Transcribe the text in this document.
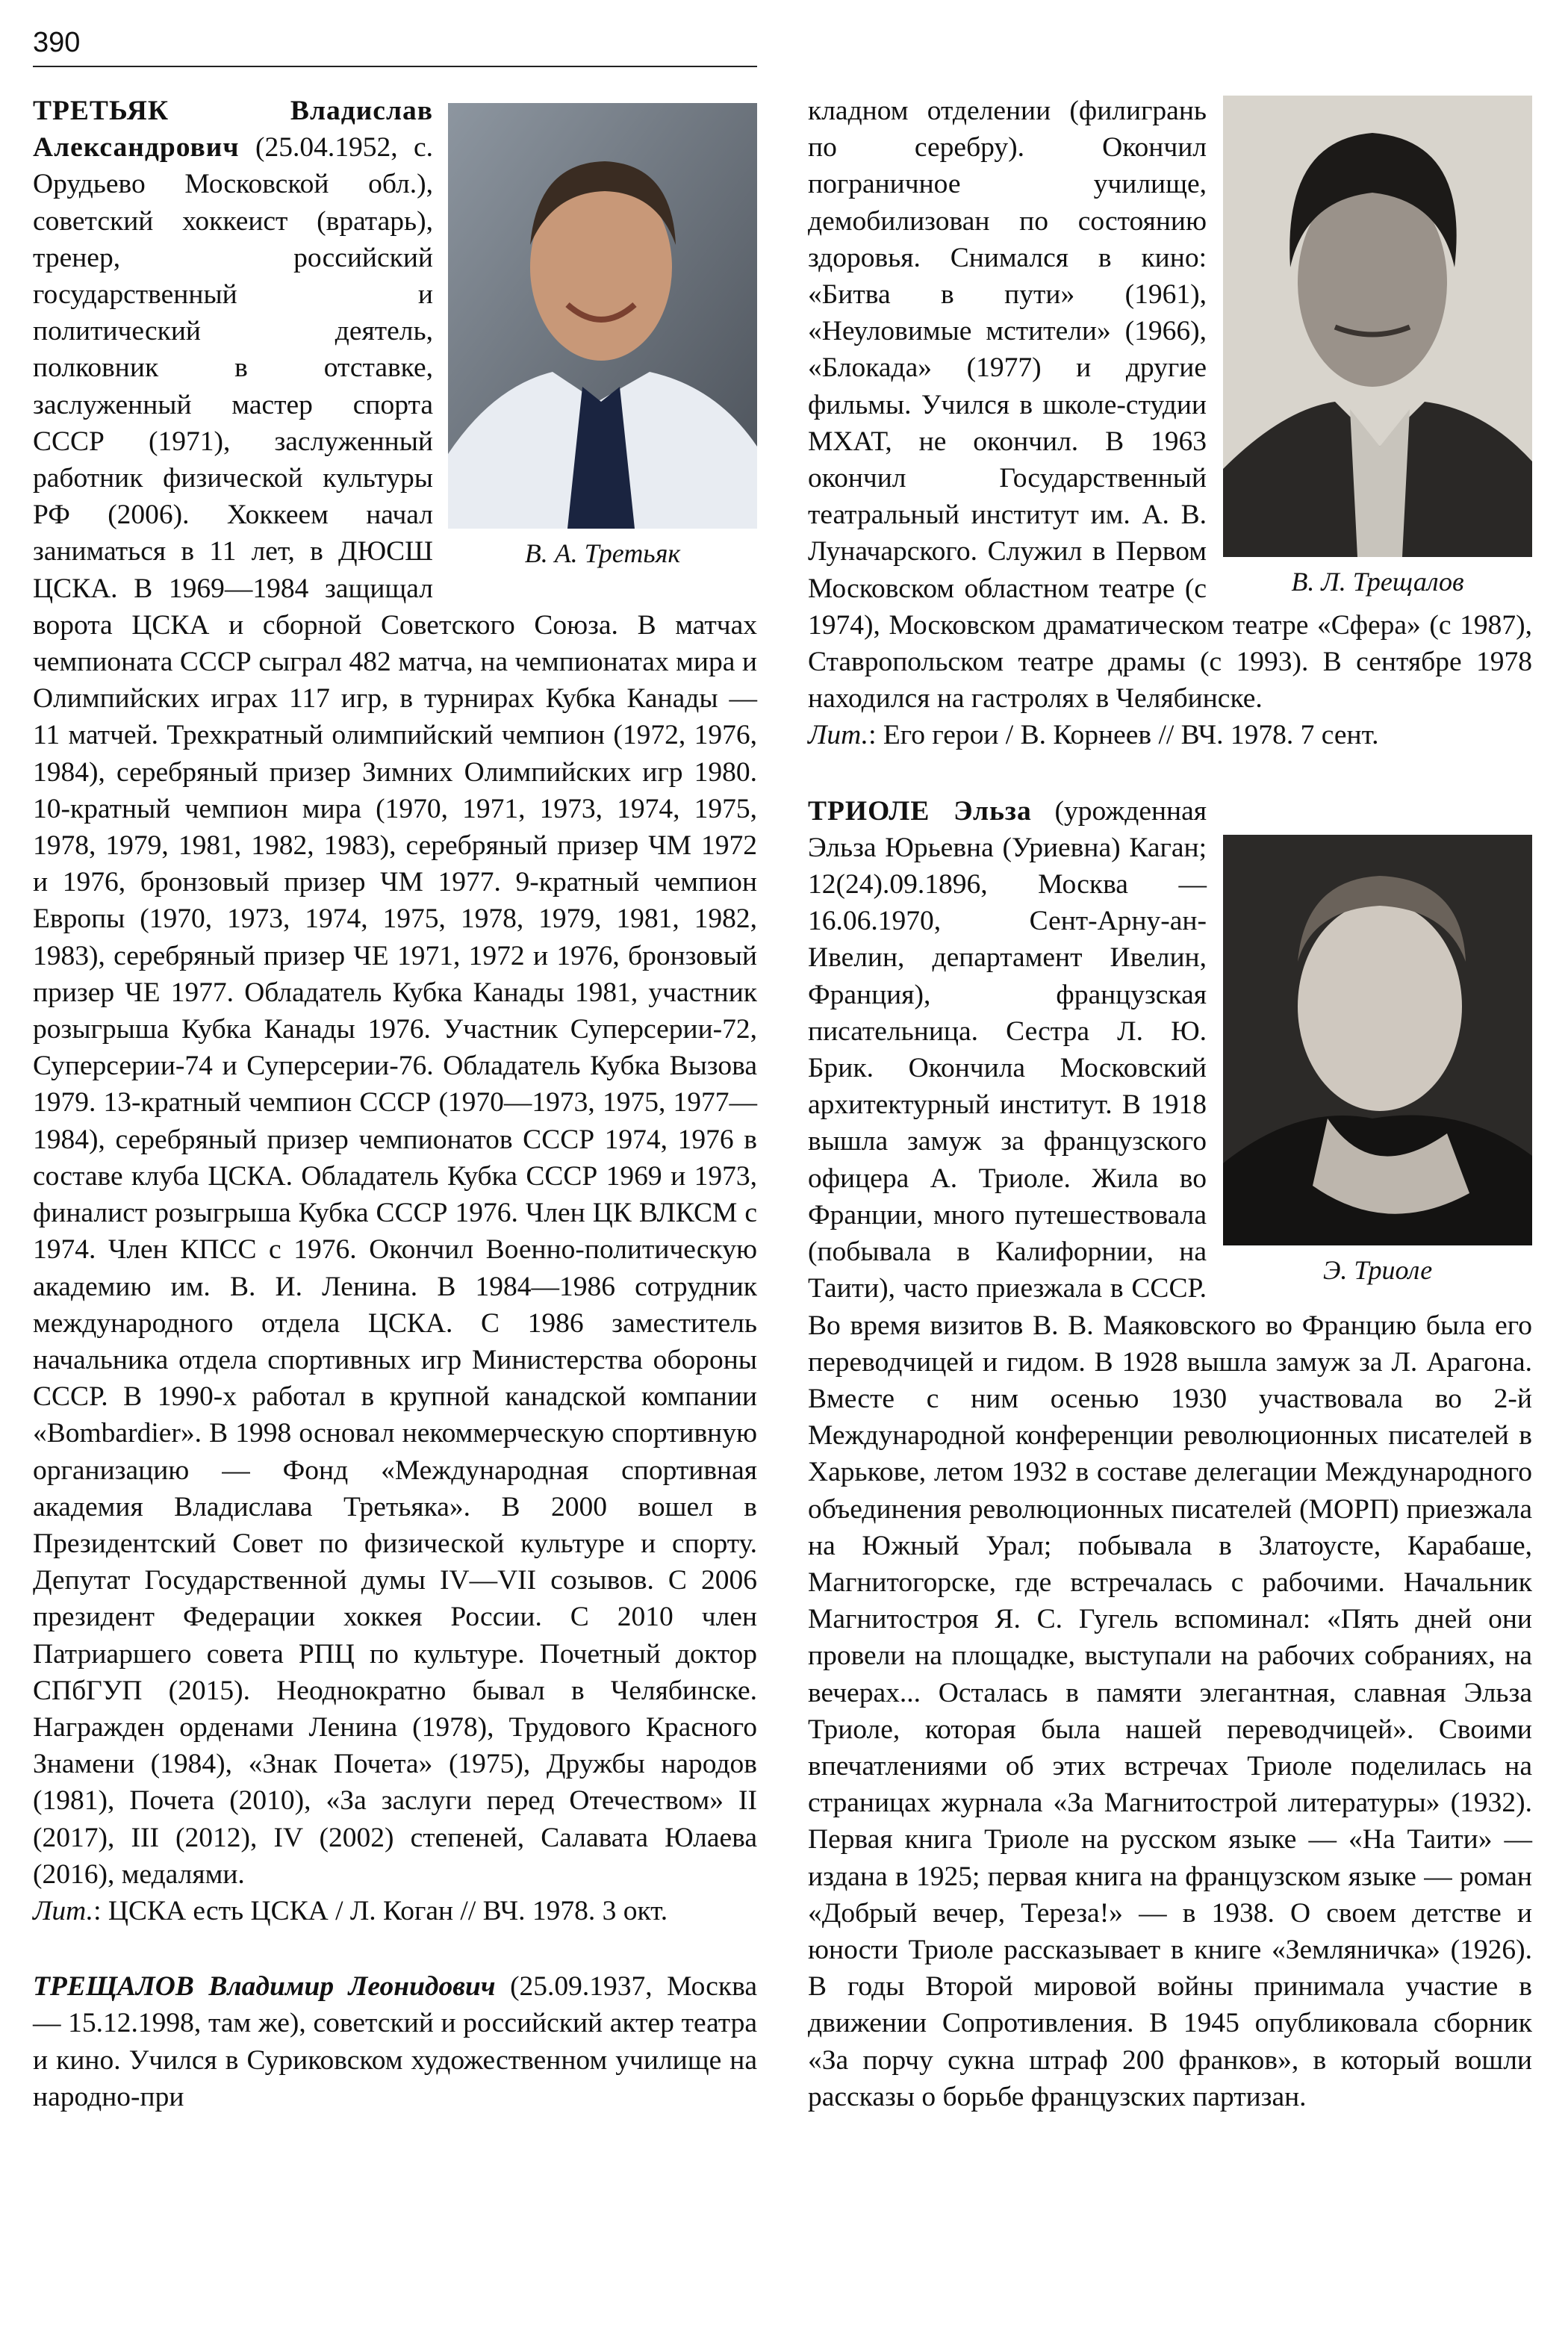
390
В. А. Третьяк

ТРЕТЬЯК Владислав Александрович (25.04.1952, с. Орудьево Московской обл.), советский хоккеист (вратарь), тренер, российский государственный и политический деятель, полковник в отставке, заслуженный мастер спорта СССР (1971), заслуженный работник физической культуры РФ (2006). Хоккеем начал заниматься в 11 лет, в ДЮСШ ЦСКА. В 1969—1984 защищал ворота ЦСКА и сборной Советского Союза. В матчах чемпионата СССР сыграл 482 матча, на чемпионатах мира и Олимпийских играх 117 игр, в турнирах Кубка Канады — 11 матчей. Трехкратный олимпийский чемпион (1972, 1976, 1984), серебряный призер Зимних Олимпийских игр 1980. 10-кратный чемпион мира (1970, 1971, 1973, 1974, 1975, 1978, 1979, 1981, 1982, 1983), серебряный призер ЧМ 1972 и 1976, бронзовый призер ЧМ 1977. 9-кратный чемпион Европы (1970, 1973, 1974, 1975, 1978, 1979, 1981, 1982, 1983), серебряный призер ЧЕ 1971, 1972 и 1976, бронзовый призер ЧЕ 1977. Обладатель Кубка Канады 1981, участник розыгрыша Кубка Канады 1976. Участник Суперсерии-72, Суперсерии-74 и Суперсерии-76. Обладатель Кубка Вызова 1979. 13-кратный чемпион СССР (1970—1973, 1975, 1977—1984), серебряный призер чемпионатов СССР 1974, 1976 в составе клуба ЦСКА. Обладатель Кубка СССР 1969 и 1973, финалист розыгрыша Кубка СССР 1976. Член ЦК ВЛКСМ с 1974. Член КПСС с 1976. Окончил Военно-политическую академию им. В. И. Ленина. В 1984—1986 сотрудник международного отдела ЦСКА. С 1986 заместитель начальника отдела спортивных игр Министерства обороны СССР. В 1990-х работал в крупной канадской компании «Bombardier». В 1998 основал некоммерческую спортивную организацию — Фонд «Международная спортивная академия Владислава Третьяка». В 2000 вошел в Президентский Совет по физической культуре и спорту. Депутат Государственной думы IV—VII созывов. С 2006 президент Федерации хоккея России. С 2010 член Патриаршего совета РПЦ по культуре. Почетный доктор СПбГУП (2015). Неоднократно бывал в Челябинске. Награжден орденами Ленина (1978), Трудового Красного Знамени (1984), «Знак Почета» (1975), Дружбы народов (1981), Почета (2010), «За заслуги перед Отечеством» II (2017), III (2012), IV (2002) степеней, Салавата Юлаева (2016), медалями.

Лит.: ЦСКА есть ЦСКА / Л. Коган // ВЧ. 1978. 3 окт.

ТРЕЩАЛОВ Владимир Леонидович (25.09.1937, Москва — 15.12.1998, там же), советский и российский актер театра и кино. Учился в Суриковском художественном училище на народно-при

В. Л. Трещалов

кладном отделении (филигрань по серебру). Окончил пограничное училище, демобилизован по состоянию здоровья. Снимался в кино: «Битва в пути» (1961), «Неуловимые мстители» (1966), «Блокада» (1977) и другие фильмы. Учился в школе-студии МХАТ, не окончил. В 1963 окончил Государственный театральный институт им. А. В. Луначарского. Служил в Первом Московском областном театре (с 1974), Московском драматическом театре «Сфера» (с 1987), Ставропольском театре драмы (с 1993). В сентябре 1978 находился на гастролях в Челябинске.

Лит.: Его герои / В. Корнеев // ВЧ. 1978. 7 сент.

Э. Триоле

ТРИОЛЕ Эльза (урожденная Эльза Юрьевна (Уриевна) Каган; 12(24).09.1896, Москва — 16.06.1970, Сент-Арну-ан-Ивелин, департамент Ивелин, Франция), французская писательница. Сестра Л. Ю. Брик. Окончила Московский архитектурный институт. В 1918 вышла замуж за французского офицера А. Триоле. Жила во Франции, много путешествовала (побывала в Калифорнии, на Таити), часто приезжала в СССР. Во время визитов В. В. Маяковского во Францию была его переводчицей и гидом. В 1928 вышла замуж за Л. Арагона. Вместе с ним осенью 1930 участвовала во 2-й Международной конференции революционных писателей в Харькове, летом 1932 в составе делегации Международного объединения революционных писателей (МОРП) приезжала на Южный Урал; побывала в Златоусте, Карабаше, Магнитогорске, где встречалась с рабочими. Начальник Магнитостроя Я. С. Гугель вспоминал: «Пять дней они провели на площадке, выступали на рабочих собраниях, на вечерах... Осталась в памяти элегантная, славная Эльза Триоле, которая была нашей переводчицей». Своими впечатлениями об этих встречах Триоле поделилась на страницах журнала «За Магнитострой литературы» (1932). Первая книга Триоле на русском языке — «На Таити» — издана в 1925; первая книга на французском языке — роман «Добрый вечер, Тереза!» — в 1938. О своем детстве и юности Триоле рассказывает в книге «Земляничка» (1926). В годы Второй мировой войны принимала участие в движении Сопротивления. В 1945 опубликовала сборник «За порчу сукна штраф 200 франков», в который вошли рассказы о борьбе французских партизан.
